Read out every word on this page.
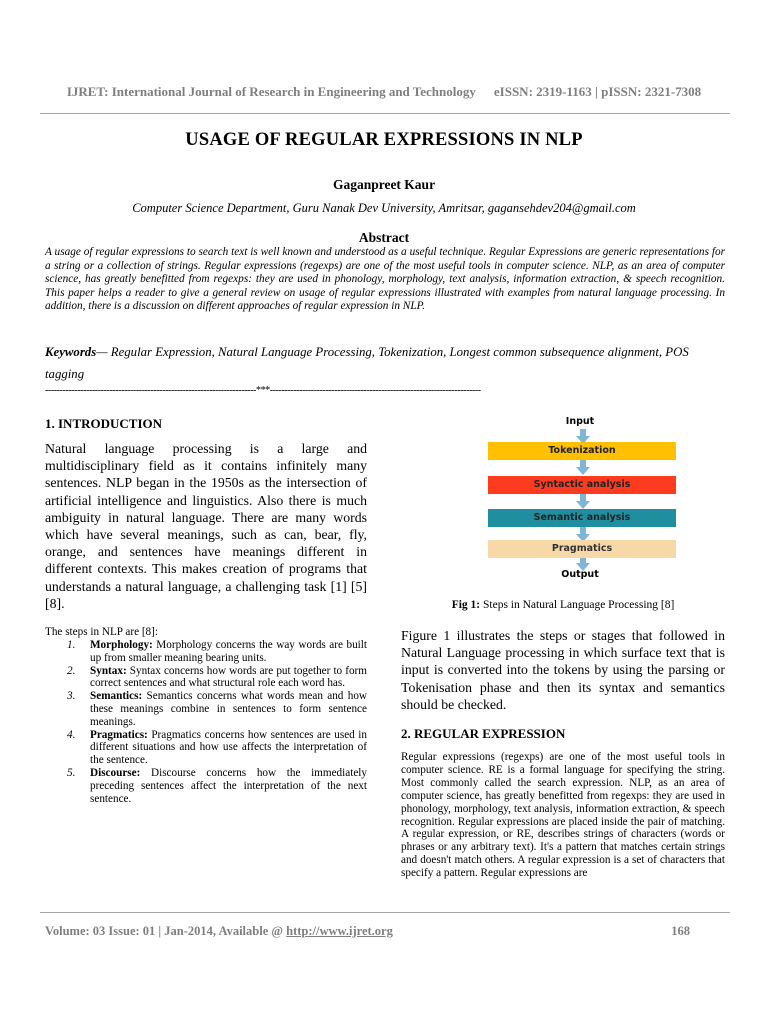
IJRET: International Journal of Research in Engineering and Technology eISSN: 2319-1163 | pISSN: 2321-7308
USAGE OF REGULAR EXPRESSIONS IN NLP
Gaganpreet Kaur
Computer Science Department, Guru Nanak Dev University, Amritsar, gagansehdev204@gmail.com
Abstract
A usage of regular expressions to search text is well known and understood as a useful technique. Regular Expressions are generic representations for a string or a collection of strings. Regular expressions (regexps) are one of the most useful tools in computer science. NLP, as an area of computer science, has greatly benefitted from regexps: they are used in phonology, morphology, text analysis, information extraction, & speech recognition. This paper helps a reader to give a general review on usage of regular expressions illustrated with examples from natural language processing. In addition, there is a discussion on different approaches of regular expression in NLP.
Keywords— Regular Expression, Natural Language Processing, Tokenization, Longest common subsequence alignment, POS tagging
------------------------------------------------------------------------***------------------------------------------------------------------------

1. INTRODUCTION

Natural language processing is a large and multidisciplinary field as it contains infinitely many sentences. NLP began in the 1950s as the intersection of artificial intelligence and linguistics. Also there is much ambiguity in natural language. There are many words which have several meanings, such as can, bear, fly, orange, and sentences have meanings different in different contexts. This makes creation of programs that understands a natural language, a challenging task [1] [5] [8].

The steps in NLP are [8]:

1. Morphology: Morphology concerns the way words are built up from smaller meaning bearing units.
2. Syntax: Syntax concerns how words are put together to form correct sentences and what structural role each word has.
3. Semantics: Semantics concerns what words mean and how these meanings combine in sentences to form sentence meanings.
4. Pragmatics: Pragmatics concerns how sentences are used in different situations and how use affects the interpretation of the sentence.
5. Discourse: Discourse concerns how the immediately preceding sentences affect the interpretation of the next sentence.
Input
Tokenization
Syntactic analysis
Semantic analysis
Pragmatics
Output
Fig 1: Steps in Natural Language Processing [8]
Figure 1 illustrates the steps or stages that followed in Natural Language processing in which surface text that is input is converted into the tokens by using the parsing or Tokenisation phase and then its syntax and semantics should be checked.
2. REGULAR EXPRESSION
Regular expressions (regexps) are one of the most useful tools in computer science. RE is a formal language for specifying the string. Most commonly called the search expression. NLP, as an area of computer science, has greatly benefitted from regexps: they are used in phonology, morphology, text analysis, information extraction, & speech recognition. Regular expressions are placed inside the pair of matching. A regular expression, or RE, describes strings of characters (words or phrases or any arbitrary text). It's a pattern that matches certain strings and doesn't match others. A regular expression is a set of characters that specify a pattern. Regular expressions are
Volume: 03 Issue: 01 | Jan-2014, Available @ http://www.ijret.org	168
